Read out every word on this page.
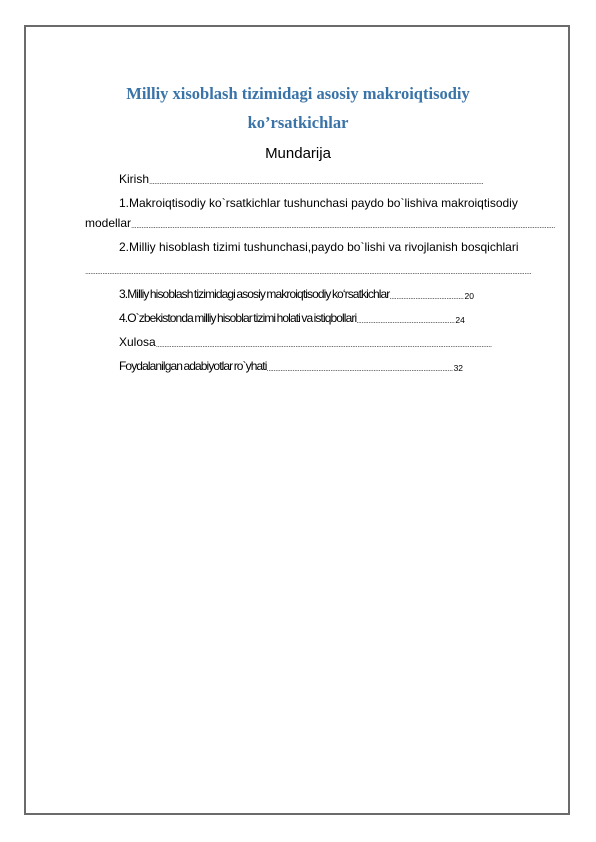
Milliy xisoblash tizimidagi asosiy makroiqtisodiy
ko’rsatkichlar

Mundarija

Kirish..................................................................................................................................................................................................
1.Makroiqtisodiy ko`rsatkichlar tushunchasi paydo bo`lishiva makroiqtisodiy
modellar......................................................................................................................................................................................................................................................
2.Milliy hisoblash tizimi tushunchasi,paydo bo`lishi va rivojlanish bosqichlari
...................................................................................................................................................................................................................................................................
3.Milliy hisoblash tizimidagi asosiy makroiqtisodiy ko‘rsatkichlar...........................................20
4.O`zbekistonda milliy hisoblar tizimi holati va istiqbollari.........................................................24
Xulosa...................................................................................................................................................................................................
Foydalanilgan adabiyotlar ro`yhati............................................................................................................32
